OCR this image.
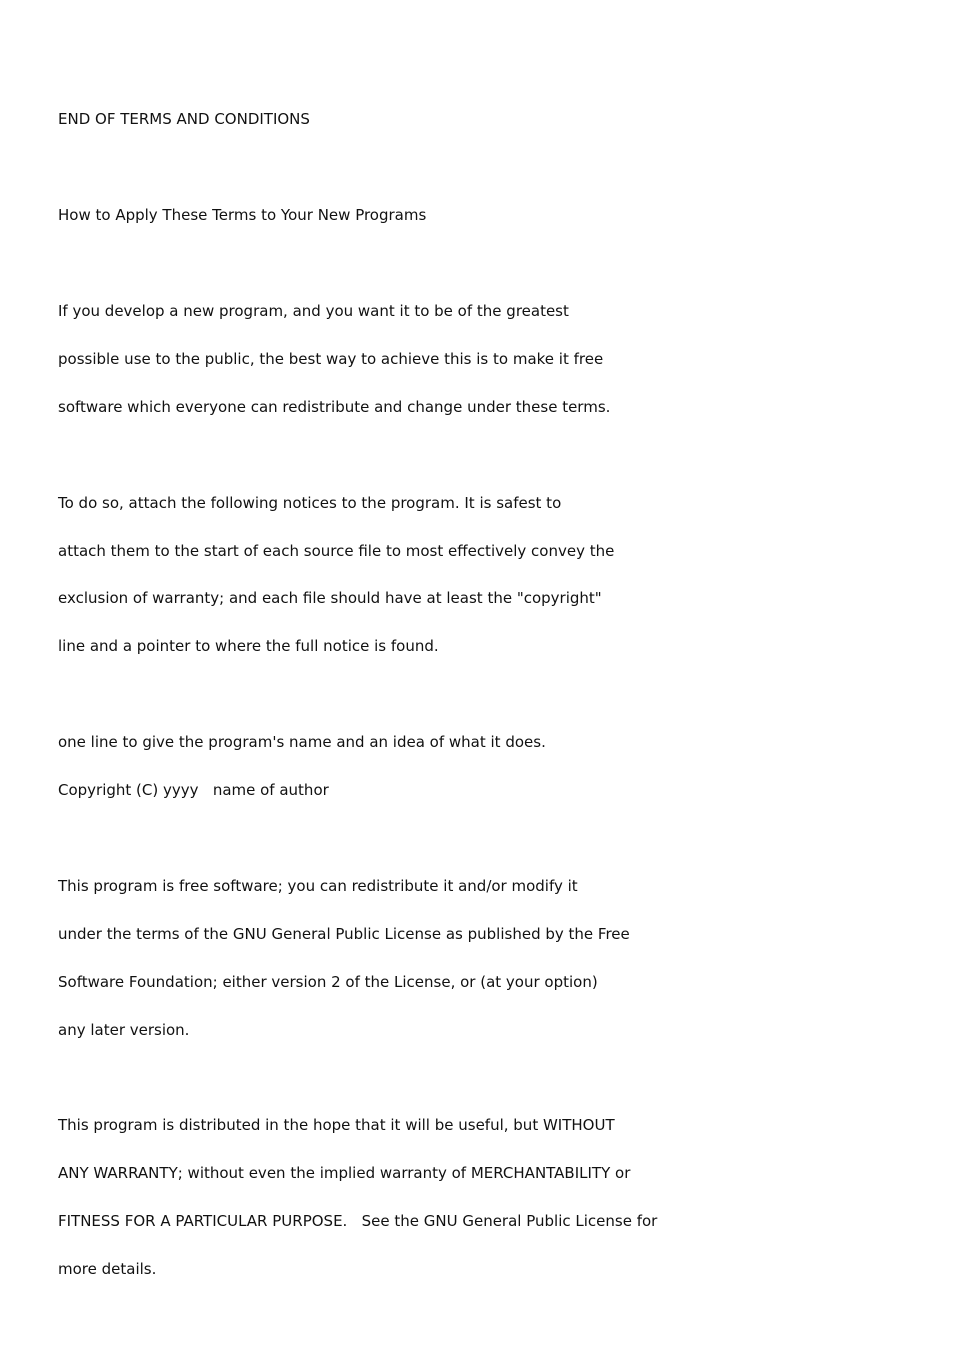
END OF TERMS AND CONDITIONS

How to Apply These Terms to Your New Programs

If you develop a new program, and you want it to be of the greatest

possible use to the public, the best way to achieve this is to make it free

software which everyone can redistribute and change under these terms.

To do so, attach the following notices to the program. It is safest to

attach them to the start of each source file to most effectively convey the

exclusion of warranty; and each file should have at least the "copyright"

line and a pointer to where the full notice is found.

one line to give the program's name and an idea of what it does.

Copyright (C) yyyy   name of author

This program is free software; you can redistribute it and/or modify it

under the terms of the GNU General Public License as published by the Free

Software Foundation; either version 2 of the License, or (at your option)

any later version.

This program is distributed in the hope that it will be useful, but WITHOUT

ANY WARRANTY; without even the implied warranty of MERCHANTABILITY or

FITNESS FOR A PARTICULAR PURPOSE.   See the GNU General Public License for

more details.
